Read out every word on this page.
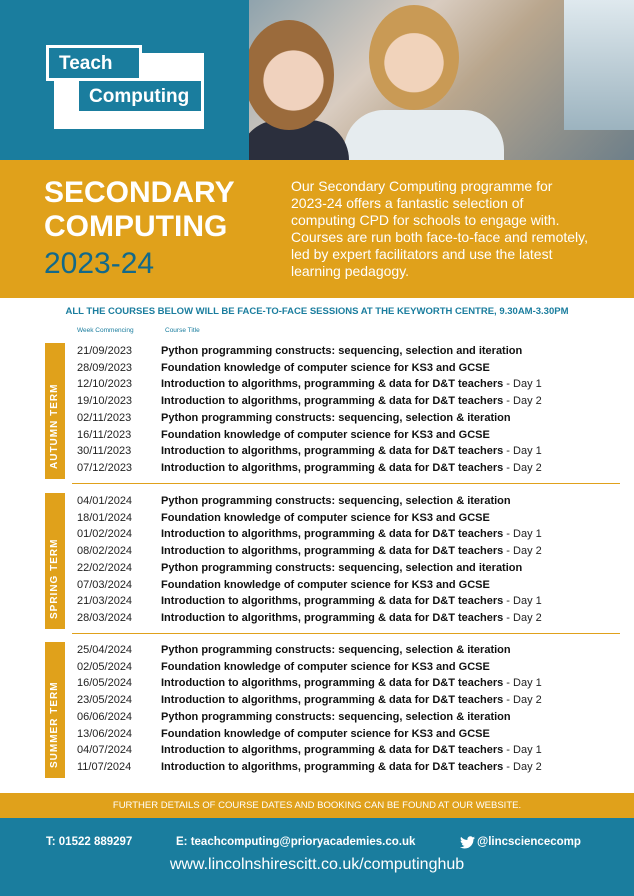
Teach
Computing
SECONDARY
COMPUTING
2023-24
Our Secondary Computing programme for 2023-24 offers a fantastic selection of computing CPD for schools to engage with. Courses are run both face-to-face and remotely, led by expert facilitators and use the latest learning pedagogy.
ALL THE COURSES BELOW WILL BE FACE-TO-FACE SESSIONS AT THE KEYWORTH CENTRE, 9.30AM-3.30PM
Week Commencing	Course Title
AUTUMN TERM
21/09/2023	Python programming constructs: sequencing, selection and iteration
28/09/2023	Foundation knowledge of computer science for KS3 and GCSE
12/10/2023	Introduction to algorithms, programming & data for D&T teachers - Day 1
19/10/2023	Introduction to algorithms, programming & data for D&T teachers - Day 2
02/11/2023	Python programming constructs: sequencing, selection & iteration
16/11/2023	Foundation knowledge of computer science for KS3 and GCSE
30/11/2023	Introduction to algorithms, programming & data for D&T teachers - Day 1
07/12/2023	Introduction to algorithms, programming & data for D&T teachers - Day 2
SPRING TERM
04/01/2024	Python programming constructs: sequencing, selection & iteration
18/01/2024	Foundation knowledge of computer science for KS3 and GCSE
01/02/2024	Introduction to algorithms, programming & data for D&T teachers - Day 1
08/02/2024	Introduction to algorithms, programming & data for D&T teachers - Day 2
22/02/2024	Python programming constructs: sequencing, selection and iteration
07/03/2024	Foundation knowledge of computer science for KS3 and GCSE
21/03/2024	Introduction to algorithms, programming & data for D&T teachers - Day 1
28/03/2024	Introduction to algorithms, programming & data for D&T teachers - Day 2
SUMMER TERM
25/04/2024	Python programming constructs: sequencing, selection & iteration
02/05/2024	Foundation knowledge of computer science for KS3 and GCSE
16/05/2024	Introduction to algorithms, programming & data for D&T teachers - Day 1
23/05/2024	Introduction to algorithms, programming & data for D&T teachers - Day 2
06/06/2024	Python programming constructs: sequencing, selection & iteration
13/06/2024	Foundation knowledge of computer science for KS3 and GCSE
04/07/2024	Introduction to algorithms, programming & data for D&T teachers - Day 1
11/07/2024	Introduction to algorithms, programming & data for D&T teachers - Day 2
FURTHER DETAILS OF COURSE DATES AND BOOKING CAN BE FOUND AT OUR WEBSITE.
T: 01522 889297	E: teachcomputing@prioryacademies.co.uk	@lincsciencecomp
www.lincolnshirescitt.co.uk/computinghub
